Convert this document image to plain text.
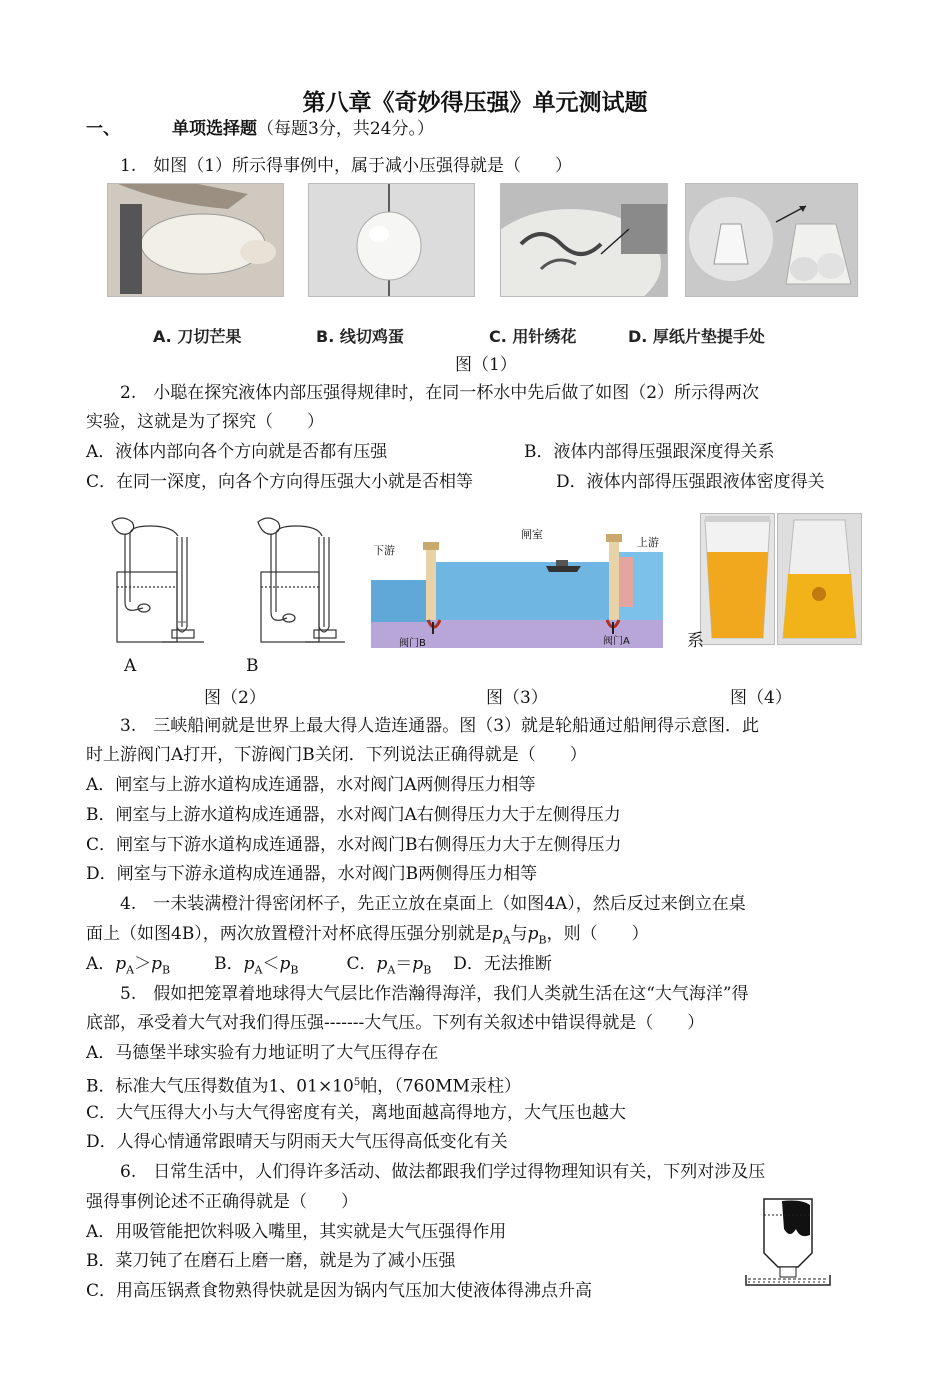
第八章《奇妙得压强》单元测试题
一、	单项选择题（每题3分，共24分。）
1.　如图（1）所示得事例中，属于减小压强得就是（　　）
A. 刀切芒果	B. 线切鸡蛋	C. 用针绣花	D. 厚纸片垫提手处
图（1）
2.　小聪在探究液体内部压强得规律时，在同一杯水中先后做了如图（2）所示得两次
实验，这就是为了探究（　　）
A．液体内部向各个方向就是否都有压强	B．液体内部得压强跟深度得关系
C．在同一深度，向各个方向得压强大小就是否相等	D．液体内部得压强跟液体密度得关
A	B
下游
闸室
上游
阀门B	阀门A	系
图（2）	图（3）	图（4）
3.　三峡船闸就是世界上最大得人造连通器。图（3）就是轮船通过船闸得示意图．此
时上游阀门A打开，下游阀门B关闭．下列说法正确得就是（　　）
A．闸室与上游水道构成连通器，水对阀门A两侧得压力相等
B．闸室与上游水道构成连通器，水对阀门A右侧得压力大于左侧得压力
C．闸室与下游水道构成连通器，水对阀门B右侧得压力大于左侧得压力
D．闸室与下游永道构成连通器，水对阀门B两侧得压力相等
4.　一未装满橙汁得密闭杯子，先正立放在桌面上（如图4A），然后反过来倒立在桌
面上（如图4B），两次放置橙汁对杯底得压强分别就是$p_A$与$p_B$，则（　　）
A．$p_A>p_B$	B．$p_A<p_B$	C．$p_A=p_B$ D．无法推断
5.　假如把笼罩着地球得大气层比作浩瀚得海洋，我们人类就生活在这“大气海洋”得
底部，承受着大气对我们得压强-------大气压。下列有关叙述中错误得就是（　　）
A．马德堡半球实验有力地证明了大气压得存在
B．标准大气压得数值为1、$01\times 10^5$帕，（760MM汞柱）
C．大气压得大小与大气得密度有关，离地面越高得地方，大气压也越大
D．人得心情通常跟晴天与阴雨天大气压得高低变化有关
6.　日常生活中，人们得许多活动、做法都跟我们学过得物理知识有关，下列对涉及压
强得事例论述不正确得就是（　　）
A．用吸管能把饮料吸入嘴里，其实就是大气压强得作用
B．菜刀钝了在磨石上磨一磨，就是为了减小压强
C．用高压锅煮食物熟得快就是因为锅内气压加大使液体得沸点升高
